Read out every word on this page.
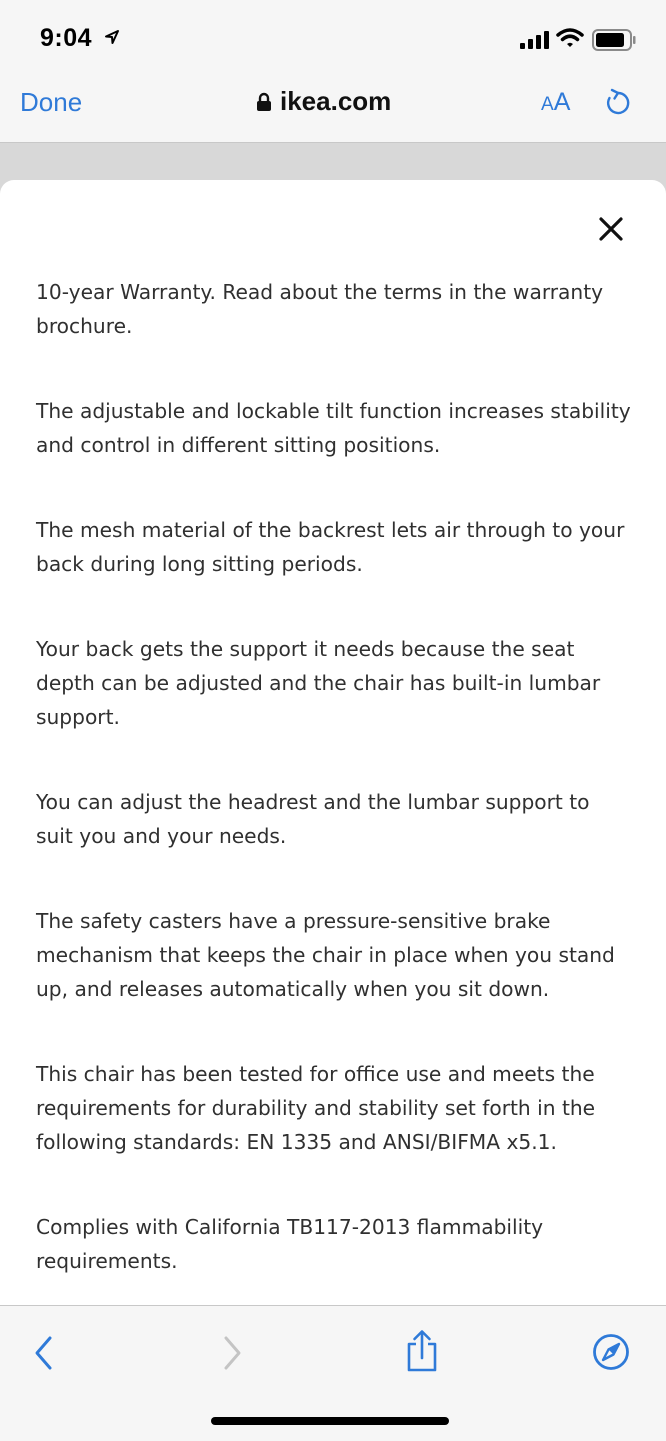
9:04
Done	ikea.com	AA
10-year Warranty. Read about the terms in the warranty brochure.
The adjustable and lockable tilt function increases stability and control in different sitting positions.
The mesh material of the backrest lets air through to your back during long sitting periods.
Your back gets the support it needs because the seat depth can be adjusted and the chair has built-in lumbar support.
You can adjust the headrest and the lumbar support to suit you and your needs.
The safety casters have a pressure-sensitive brake mechanism that keeps the chair in place when you stand up, and releases automatically when you sit down.
This chair has been tested for office use and meets the requirements for durability and stability set forth in the following standards: EN 1335 and ANSI/BIFMA x5.1.
Complies with California TB117-2013 flammability requirements.
